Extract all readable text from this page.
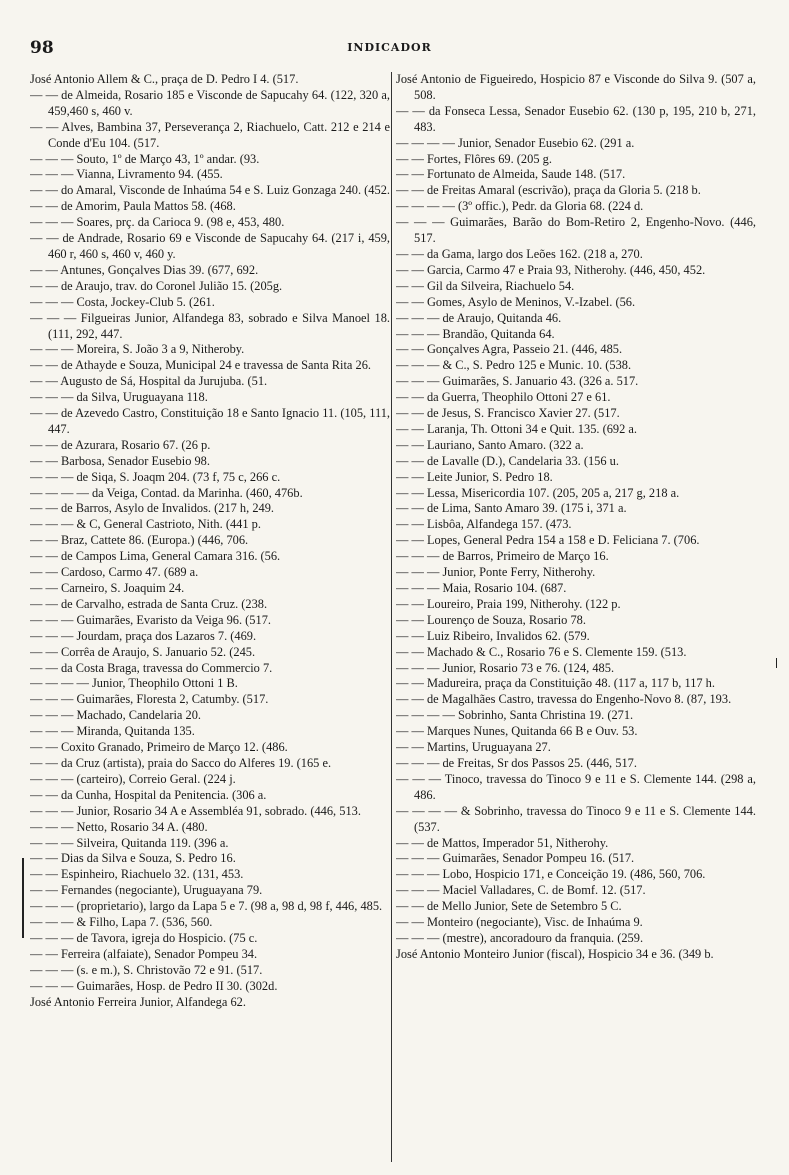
98	INDICADOR

José Antonio Allem & C., praça de D. Pedro I 4. (517.

— — de Almeida, Rosario 185 e Visconde de Sapucahy 64. (122, 320 a, 459,460 s, 460 v.

— — Alves, Bambina 37, Perseverança 2, Riachuelo, Catt. 212 e 214 e Conde d'Eu 104. (517.

— — — Souto, 1º de Março 43, 1º andar. (93.

— — — Vianna, Livramento 94. (455.

— — do Amaral, Visconde de Inhaúma 54 e S. Luiz Gonzaga 240. (452.

— — de Amorim, Paula Mattos 58. (468.

— — — Soares, prç. da Carioca 9. (98 e, 453, 480.

— — de Andrade, Rosario 69 e Visconde de Sapucahy 64. (217 i, 459, 460 r, 460 s, 460 v, 460 y.

— — Antunes, Gonçalves Dias 39. (677, 692.

— — de Araujo, trav. do Coronel Julião 15. (205g.

— — — Costa, Jockey-Club 5. (261.

— — — Filgueiras Junior, Alfandega 83, sobrado e Silva Manoel 18. (111, 292, 447.

— — — Moreira, S. João 3 a 9, Nitheroby.

— — de Athayde e Souza, Municipal 24 e travessa de Santa Rita 26.

— — Augusto de Sá, Hospital da Jurujuba. (51.

— — — da Silva, Uruguayana 118.

— — de Azevedo Castro, Constituição 18 e Santo Ignacio 11. (105, 111, 447.

— — de Azurara, Rosario 67. (26 p.

— — Barbosa, Senador Eusebio 98.

— — — de Siqa, S. Joaqm 204. (73 f, 75 c, 266 c.

— — — — da Veiga, Contad. da Marinha. (460, 476b.

— — de Barros, Asylo de Invalidos. (217 h, 249.

— — — & C, General Castrioto, Nith. (441 p.

— — Braz, Cattete 86. (Europa.) (446, 706.

— — de Campos Lima, General Camara 316. (56.

— — Cardoso, Carmo 47. (689 a.

— — Carneiro, S. Joaquim 24.

— — de Carvalho, estrada de Santa Cruz. (238.

— — — Guimarães, Evaristo da Veiga 96. (517.

— — — Jourdam, praça dos Lazaros 7. (469.

— — Corrêa de Araujo, S. Januario 52. (245.

— — da Costa Braga, travessa do Commercio 7.

— — — — Junior, Theophilo Ottoni 1 B.

— — — Guimarães, Floresta 2, Catumby. (517.

— — — Machado, Candelaria 20.

— — — Miranda, Quitanda 135.

— — Coxito Granado, Primeiro de Março 12. (486.

— — da Cruz (artista), praia do Sacco do Alferes 19. (165 e.

— — — (carteiro), Correio Geral. (224 j.

— — da Cunha, Hospital da Penitencia. (306 a.

— — — Junior, Rosario 34 A e Assembléa 91, sobrado. (446, 513.

— — — Netto, Rosario 34 A. (480.

— — — Silveira, Quitanda 119. (396 a.

— — Dias da Silva e Souza, S. Pedro 16.

— — Espinheiro, Riachuelo 32. (131, 453.

— — Fernandes (negociante), Uruguayana 79.

— — — (proprietario), largo da Lapa 5 e 7. (98 a, 98 d, 98 f, 446, 485.

— — — & Filho, Lapa 7. (536, 560.

— — — de Tavora, igreja do Hospicio. (75 c.

— — Ferreira (alfaiate), Senador Pompeu 34.

— — — (s. e m.), S. Christovão 72 e 91. (517.

— — — Guimarães, Hosp. de Pedro II 30. (302d.

José Antonio Ferreira Junior, Alfandega 62.

José Antonio de Figueiredo, Hospicio 87 e Visconde do Silva 9. (507 a, 508.

— — da Fonseca Lessa, Senador Eusebio 62. (130 p, 195, 210 b, 271, 483.

— — — — Junior, Senador Eusebio 62. (291 a.

— — Fortes, Flôres 69. (205 g.

— — Fortunato de Almeida, Saude 148. (517.

— — de Freitas Amaral (escrivão), praça da Gloria 5. (218 b.

— — — — (3º offic.), Pedr. da Gloria 68. (224 d.

— — — Guimarães, Barão do Bom-Retiro 2, Engenho-Novo. (446, 517.

— — da Gama, largo dos Leões 162. (218 a, 270.

— — Garcia, Carmo 47 e Praia 93, Nitherohy. (446, 450, 452.

— — Gil da Silveira, Riachuelo 54.

— — Gomes, Asylo de Meninos, V.-Izabel. (56.

— — — de Araujo, Quitanda 46.

— — — Brandão, Quitanda 64.

— — Gonçalves Agra, Passeio 21. (446, 485.

— — — & C., S. Pedro 125 e Munic. 10. (538.

— — — Guimarães, S. Januario 43. (326 a. 517.

— — da Guerra, Theophilo Ottoni 27 e 61.

— — de Jesus, S. Francisco Xavier 27. (517.

— — Laranja, Th. Ottoni 34 e Quit. 135. (692 a.

— — Lauriano, Santo Amaro. (322 a.

— — de Lavalle (D.), Candelaria 33. (156 u.

— — Leite Junior, S. Pedro 18.

— — Lessa, Misericordia 107. (205, 205 a, 217 g, 218 a.

— — de Lima, Santo Amaro 39. (175 i, 371 a.

— — Lisbôa, Alfandega 157. (473.

— — Lopes, General Pedra 154 a 158 e D. Feliciana 7. (706.

— — — de Barros, Primeiro de Março 16.

— — — Junior, Ponte Ferry, Nitherohy.

— — — Maia, Rosario 104. (687.

— — Loureiro, Praia 199, Nitherohy. (122 p.

— — Lourenço de Souza, Rosario 78.

— — Luiz Ribeiro, Invalidos 62. (579.

— — Machado & C., Rosario 76 e S. Clemente 159. (513.

— — — Junior, Rosario 73 e 76. (124, 485.

— — Madureira, praça da Constituição 48. (117 a, 117 b, 117 h.

— — de Magalhães Castro, travessa do Engenho-Novo 8. (87, 193.

— — — — Sobrinho, Santa Christina 19. (271.

— — Marques Nunes, Quitanda 66 B e Ouv. 53.

— — Martins, Uruguayana 27.

— — — de Freitas, Sr dos Passos 25. (446, 517.

— — — Tinoco, travessa do Tinoco 9 e 11 e S. Clemente 144. (298 a, 486.

— — — — & Sobrinho, travessa do Tinoco 9 e 11 e S. Clemente 144. (537.

— — de Mattos, Imperador 51, Nitherohy.

— — — Guimarães, Senador Pompeu 16. (517.

— — — Lobo, Hospicio 171, e Conceição 19. (486, 560, 706.

— — — Maciel Valladares, C. de Bomf. 12. (517.

— — de Mello Junior, Sete de Setembro 5 C.

— — Monteiro (negociante), Visc. de Inhaúma 9.

— — — (mestre), ancoradouro da franquia. (259.

José Antonio Monteiro Junior (fiscal), Hospicio 34 e 36. (349 b.
